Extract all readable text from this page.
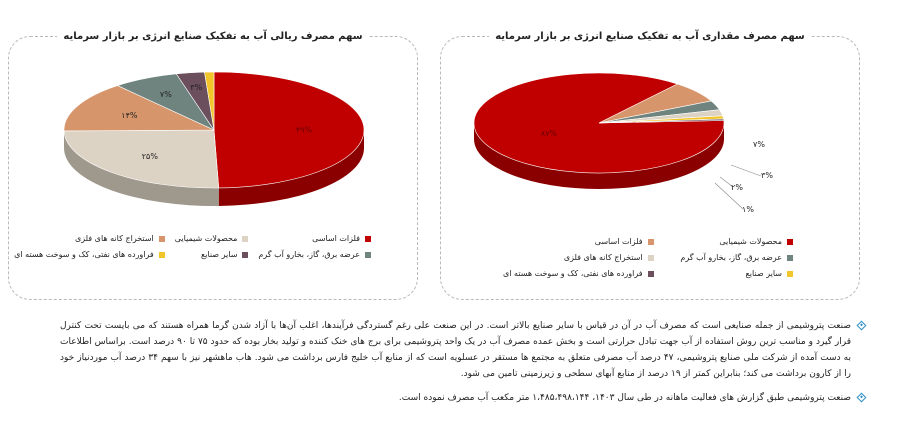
سهم مصرف ریالی آب به تفکیک صنایع انرژی بر بازار سرمایه
۴۹%
۲۵%
۱۴%
۷%
۳%
فلزات اساسی
محصولات شیمیایی
استخراج کانه های فلزی
عرضه برق، گاز، بخارو آب گرم
سایر صنایع
فراورده های نفتی، کک و سوخت هسته ای
سهم مصرف مقداری آب به تفکیک صنایع انرژی بر بازار سرمایه
۸۷%
۷%
۳%
۲%
۱%
محصولات شیمیایی
فلزات اساسی
عرضه برق، گاز، بخارو آب گرم
استخراج کانه های فلزی
سایر صنایع
فراورده های نفتی، کک و سوخت هسته ای
صنعت پتروشیمی از جمله صنایعی است که مصرف آب در آن در قیاس با سایر صنایع بالاتر است. در این صنعت علی رغم گستردگی فرآیندها، اغلب آن‌ها با آزاد شدن گرما همراه هستند که می بایست تحت کنترل قرار گیرد و مناسب ترین روش استفاده از آب جهت تبادل حرارتی است و بخش عمده مصرف آب در یک واحد پتروشیمی برای برج های خنک کننده و تولید بخار بوده که حدود ۷۵ تا ۹۰ درصد است. براساس اطلاعات به دست آمده از شرکت ملی صنایع پتروشیمی، ۴۷ درصد آب مصرفی متعلق به مجتمع ها مستقر در عسلویه است که از منابع آب خلیج فارس برداشت می شود. هاب ماهشهر نیز با سهم ۳۴ درصد آب موردنیاز خود را از کارون برداشت می کند؛ بنابراین کمتر از ۱۹ درصد از منابع آبهای سطحی و زیرزمینی تامین می شود.
صنعت پتروشیمی طبق گزارش های فعالیت ماهانه در طی سال ۱۴۰۳، ۱،۴۸۵،۴۹۸،۱۴۴ متر مکعب آب مصرف نموده است.
